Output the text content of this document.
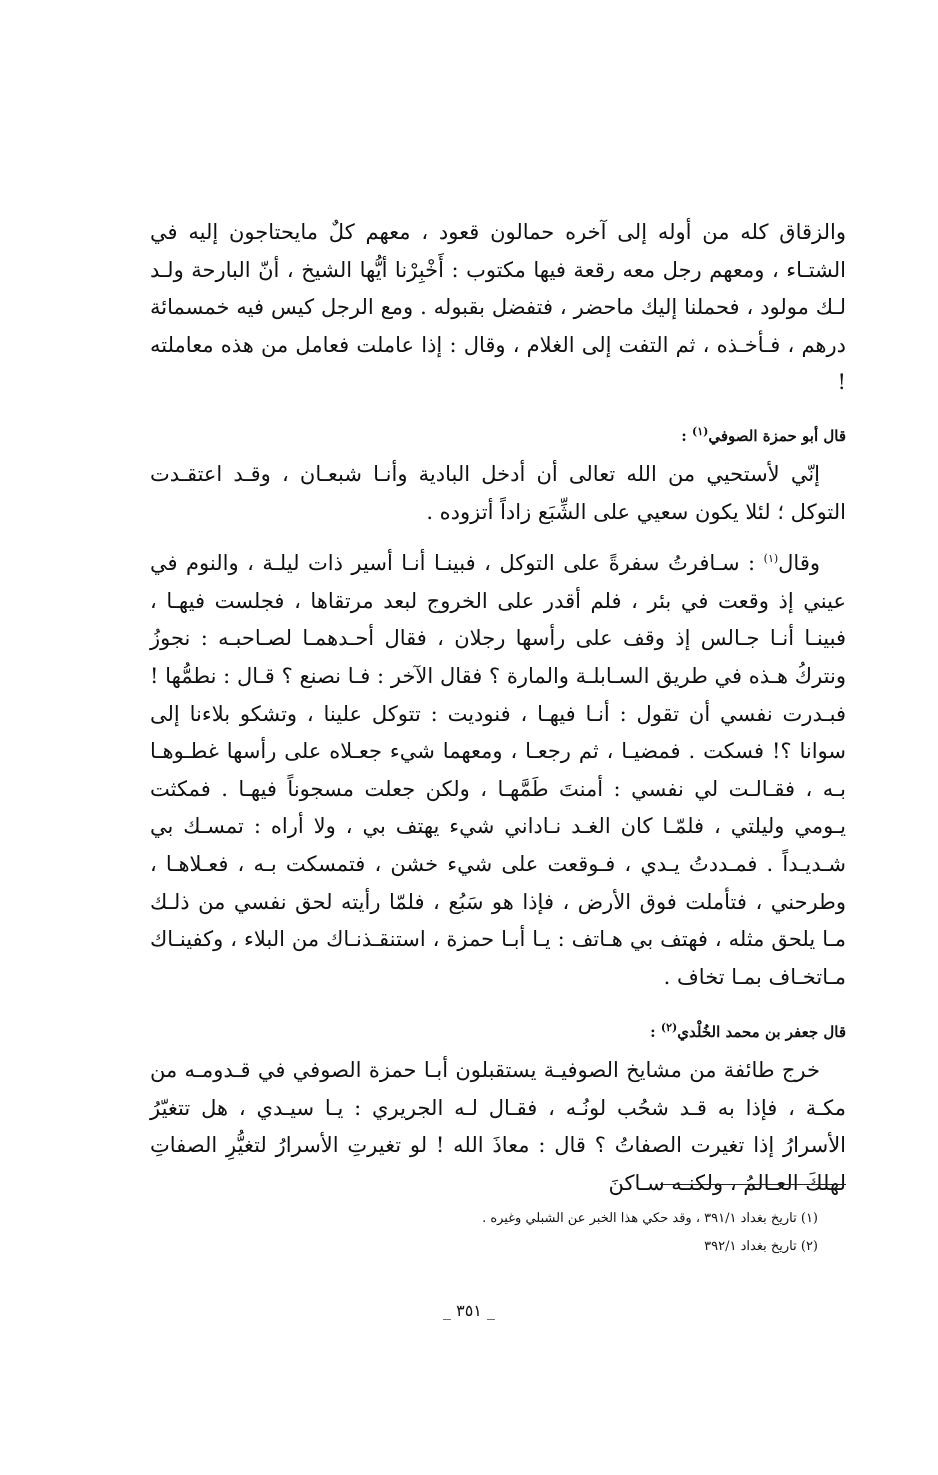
والزقاق كله من أوله إلى آخره حمالون قعود ، معهم كلٌ مايحتاجون إليه في الشتـاء ، ومعهم رجل معه رقعة فيها مكتوب : أَخْبِرْنا أيُّها الشيخ ، أنّ البارحة ولـد لـك مولود ، فحملنا إليك ماحضر ، فتفضل بقبوله . ومع الرجل كيس فيه خمسمائة درهم ، فـأخـذه ، ثم التفت إلى الغلام ، وقال : إذا عاملت فعامل من هذه معاملته !

قال أبو حمزة الصوفي$^{(١)}$ :

إنّي لأستحيي من الله تعالى أن أدخل البادية وأنـا شبعـان ، وقـد اعتقـدت التوكل ؛ لئلا يكون سعيي على الشِّبَع زاداً أتزوده .

وقال$^{(١)}$ : سـافرتُ سفرةً على التوكل ، فبينـا أنـا أسير ذات ليلـة ، والنوم في عيني إذ وقعت في بئر ، فلم أقدر على الخروج لبعد مرتقاها ، فجلست فيهـا ، فبينـا أنـا جـالس إذ وقف على رأسها رجلان ، فقال أحـدهمـا لصـاحبـه : نجوزُ ونتركُ هـذه في طريق السـابلـة والمارة ؟ فقال الآخر : فـا نصنع ؟ قـال : نطمُّها ! فبـدرت نفسي أن تقول : أنـا فيهـا ، فنوديت : تتوكل علينا ، وتشكو بلاءنا إلى سوانا ؟! فسكت . فمضيـا ، ثم رجعـا ، ومعهما شيء جعـلاه على رأسها غطـوهـا بـه ، فقـالـت لي نفسي : أمنتَ طَمَّهـا ، ولكن جعلت مسجوناً فيهـا . فمكثت يـومي وليلتي ، فلمّـا كان الغـد نـاداني شيء يهتف بي ، ولا أراه : تمسـك بي شـديـداً . فمـددتُ يـدي ، فـوقعت على شيء خشن ، فتمسكت بـه ، فعـلاهـا ، وطرحني ، فتأملت فوق الأرض ، فإذا هو سَبُع ، فلمّا رأيته لحق نفسي من ذلـك مـا يلحق مثله ، فهتف بي هـاتف : يـا أبـا حمزة ، استنقـذنـاك من البلاء ، وكفينـاك مـاتخـاف بمـا تخاف .

قال جعفر بن محمد الخُلْدي$^{(٢)}$ :

خرج طائفة من مشايخ الصوفيـة يستقبلون أبـا حمزة الصوفي في قـدومـه من مكـة ، فإذا به قـد شحُب لونُـه ، فقـال لـه الجريري : يـا سيـدي ، هل تتغيّرُ الأسرارُ إذا تغيرت الصفاتُ ؟ قال : معاذَ الله ! لو تغيرتِ الأسرارُ لتغيُّرِ الصفاتِ لهلكَ العـالمُ ، ولكنـه سـاكنَ

(١) تاريخ بغداد ٣٩١/١ ، وقد حكي هذا الخبر عن الشبلي وغيره .

(٢) تاريخ بغداد ٣٩٢/١

_ ٣٥١ _
